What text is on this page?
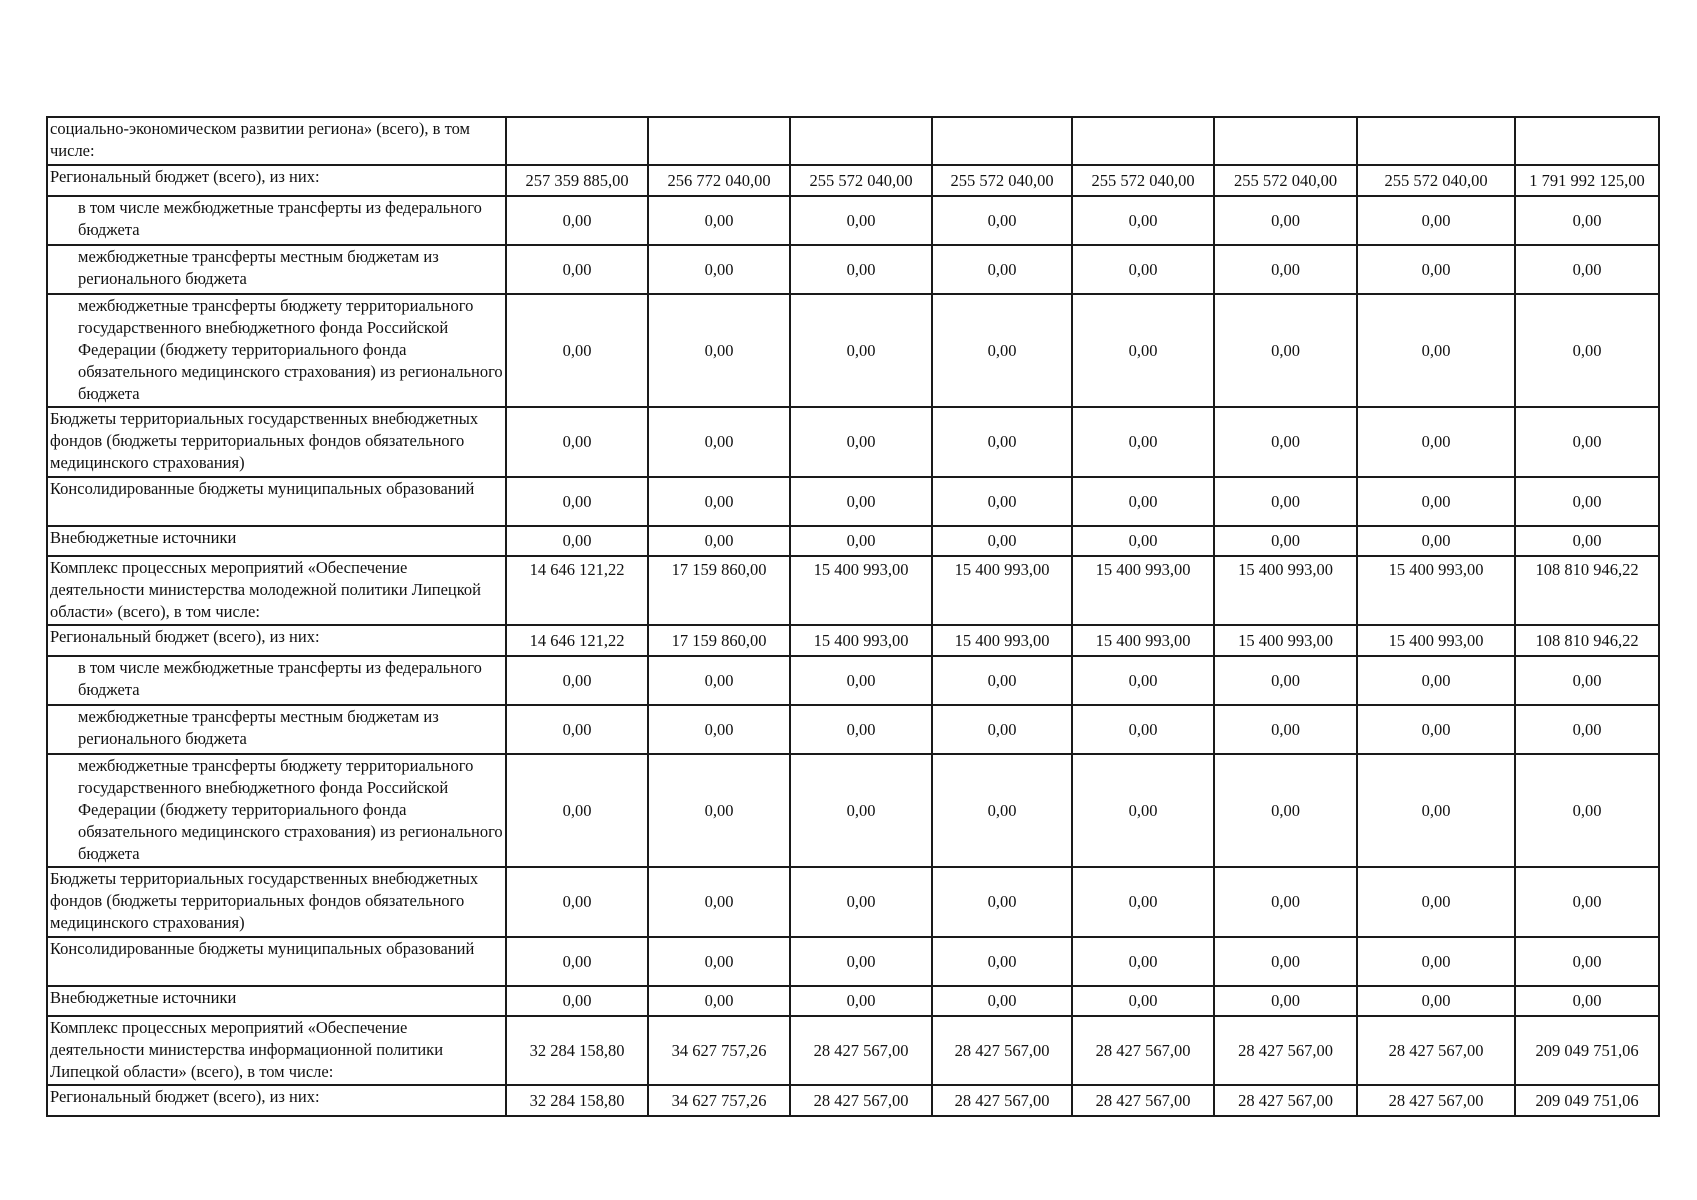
социально-экономическом развитии региона» (всего), в том числе:								
Региональный бюджет (всего), из них:	257 359 885,00	256 772 040,00	255 572 040,00	255 572 040,00	255 572 040,00	255 572 040,00	255 572 040,00	1 791 992 125,00
в том числе межбюджетные трансферты из федерального бюджета	0,00	0,00	0,00	0,00	0,00	0,00	0,00	0,00
межбюджетные трансферты местным бюджетам из регионального бюджета	0,00	0,00	0,00	0,00	0,00	0,00	0,00	0,00
межбюджетные трансферты бюджету территориального государственного внебюджетного фонда Российской Федерации (бюджету территориального фонда обязательного медицинского страхования) из регионального бюджета	0,00	0,00	0,00	0,00	0,00	0,00	0,00	0,00
Бюджеты территориальных государственных внебюджетных фондов (бюджеты территориальных фондов обязательного медицинского страхования)	0,00	0,00	0,00	0,00	0,00	0,00	0,00	0,00
Консолидированные бюджеты муниципальных образований	0,00	0,00	0,00	0,00	0,00	0,00	0,00	0,00
Внебюджетные источники	0,00	0,00	0,00	0,00	0,00	0,00	0,00	0,00
Комплекс процессных мероприятий «Обеспечение деятельности министерства молодежной политики Липецкой области» (всего), в том числе:	14 646 121,22	17 159 860,00	15 400 993,00	15 400 993,00	15 400 993,00	15 400 993,00	15 400 993,00	108 810 946,22
Региональный бюджет (всего), из них:	14 646 121,22	17 159 860,00	15 400 993,00	15 400 993,00	15 400 993,00	15 400 993,00	15 400 993,00	108 810 946,22
в том числе межбюджетные трансферты из федерального бюджета	0,00	0,00	0,00	0,00	0,00	0,00	0,00	0,00
межбюджетные трансферты местным бюджетам из регионального бюджета	0,00	0,00	0,00	0,00	0,00	0,00	0,00	0,00
межбюджетные трансферты бюджету территориального государственного внебюджетного фонда Российской Федерации (бюджету территориального фонда обязательного медицинского страхования) из регионального бюджета	0,00	0,00	0,00	0,00	0,00	0,00	0,00	0,00
Бюджеты территориальных государственных внебюджетных фондов (бюджеты территориальных фондов обязательного медицинского страхования)	0,00	0,00	0,00	0,00	0,00	0,00	0,00	0,00
Консолидированные бюджеты муниципальных образований	0,00	0,00	0,00	0,00	0,00	0,00	0,00	0,00
Внебюджетные источники	0,00	0,00	0,00	0,00	0,00	0,00	0,00	0,00
Комплекс процессных мероприятий «Обеспечение деятельности министерства информационной политики Липецкой области» (всего), в том числе:	32 284 158,80	34 627 757,26	28 427 567,00	28 427 567,00	28 427 567,00	28 427 567,00	28 427 567,00	209 049 751,06
Региональный бюджет (всего), из них:	32 284 158,80	34 627 757,26	28 427 567,00	28 427 567,00	28 427 567,00	28 427 567,00	28 427 567,00	209 049 751,06
